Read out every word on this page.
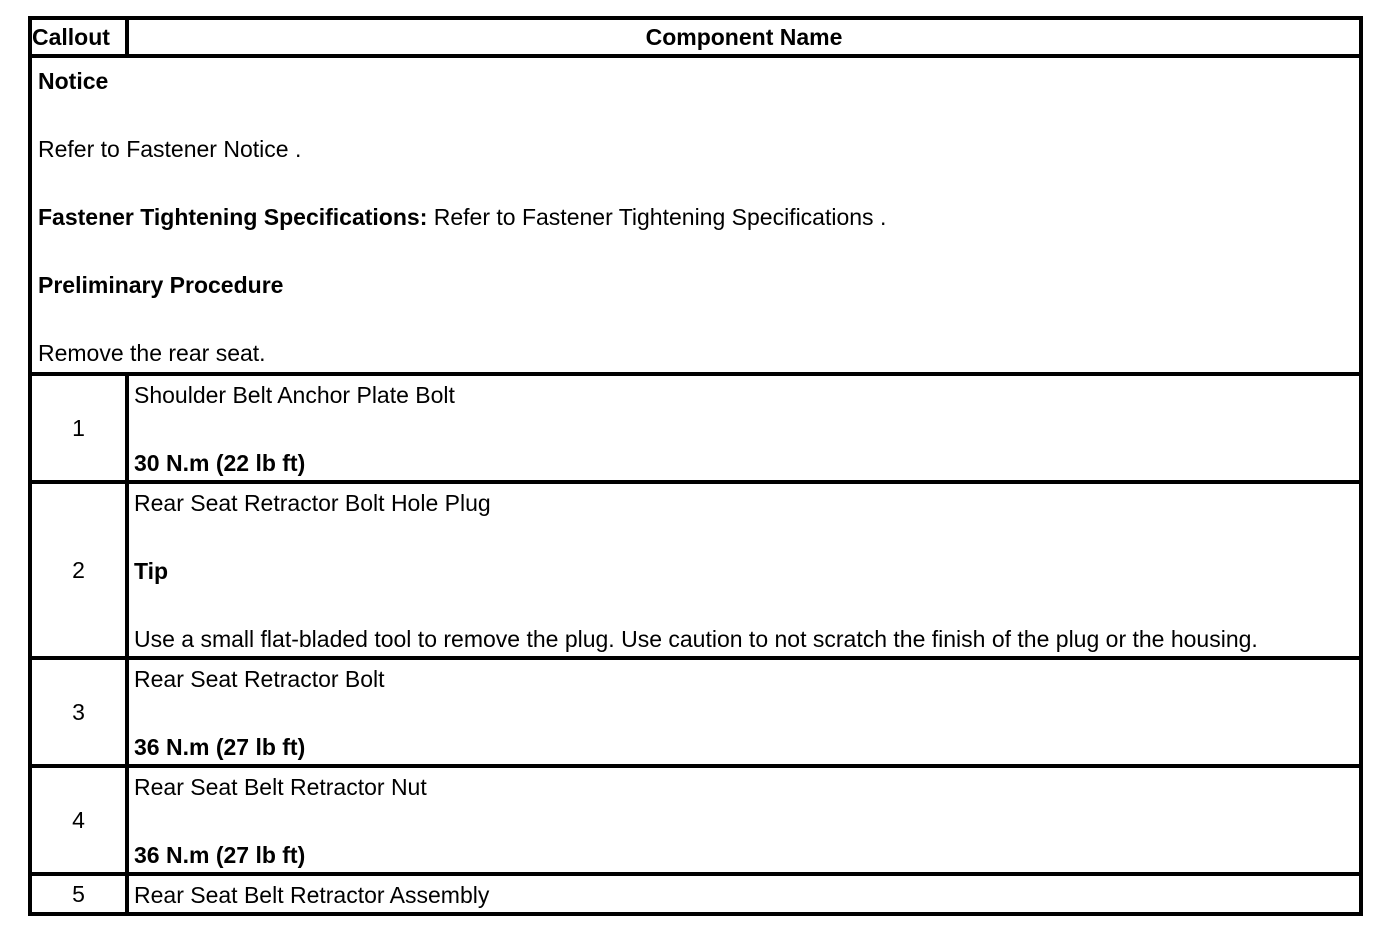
Callout	Component Name

Notice

Refer to Fastener Notice .

Fastener Tightening Specifications: Refer to Fastener Tightening Specifications .

Preliminary Procedure

Remove the rear seat.	

1	Shoulder Belt Anchor Plate Bolt

30 N.m (22 lb ft)

2	Rear Seat Retractor Bolt Hole Plug

Tip

Use a small flat-bladed tool to remove the plug. Use caution to not scratch the finish of the plug or the housing.

3	Rear Seat Retractor Bolt

36 N.m (27 lb ft)

4	Rear Seat Belt Retractor Nut

36 N.m (27 lb ft)

5	Rear Seat Belt Retractor Assembly
